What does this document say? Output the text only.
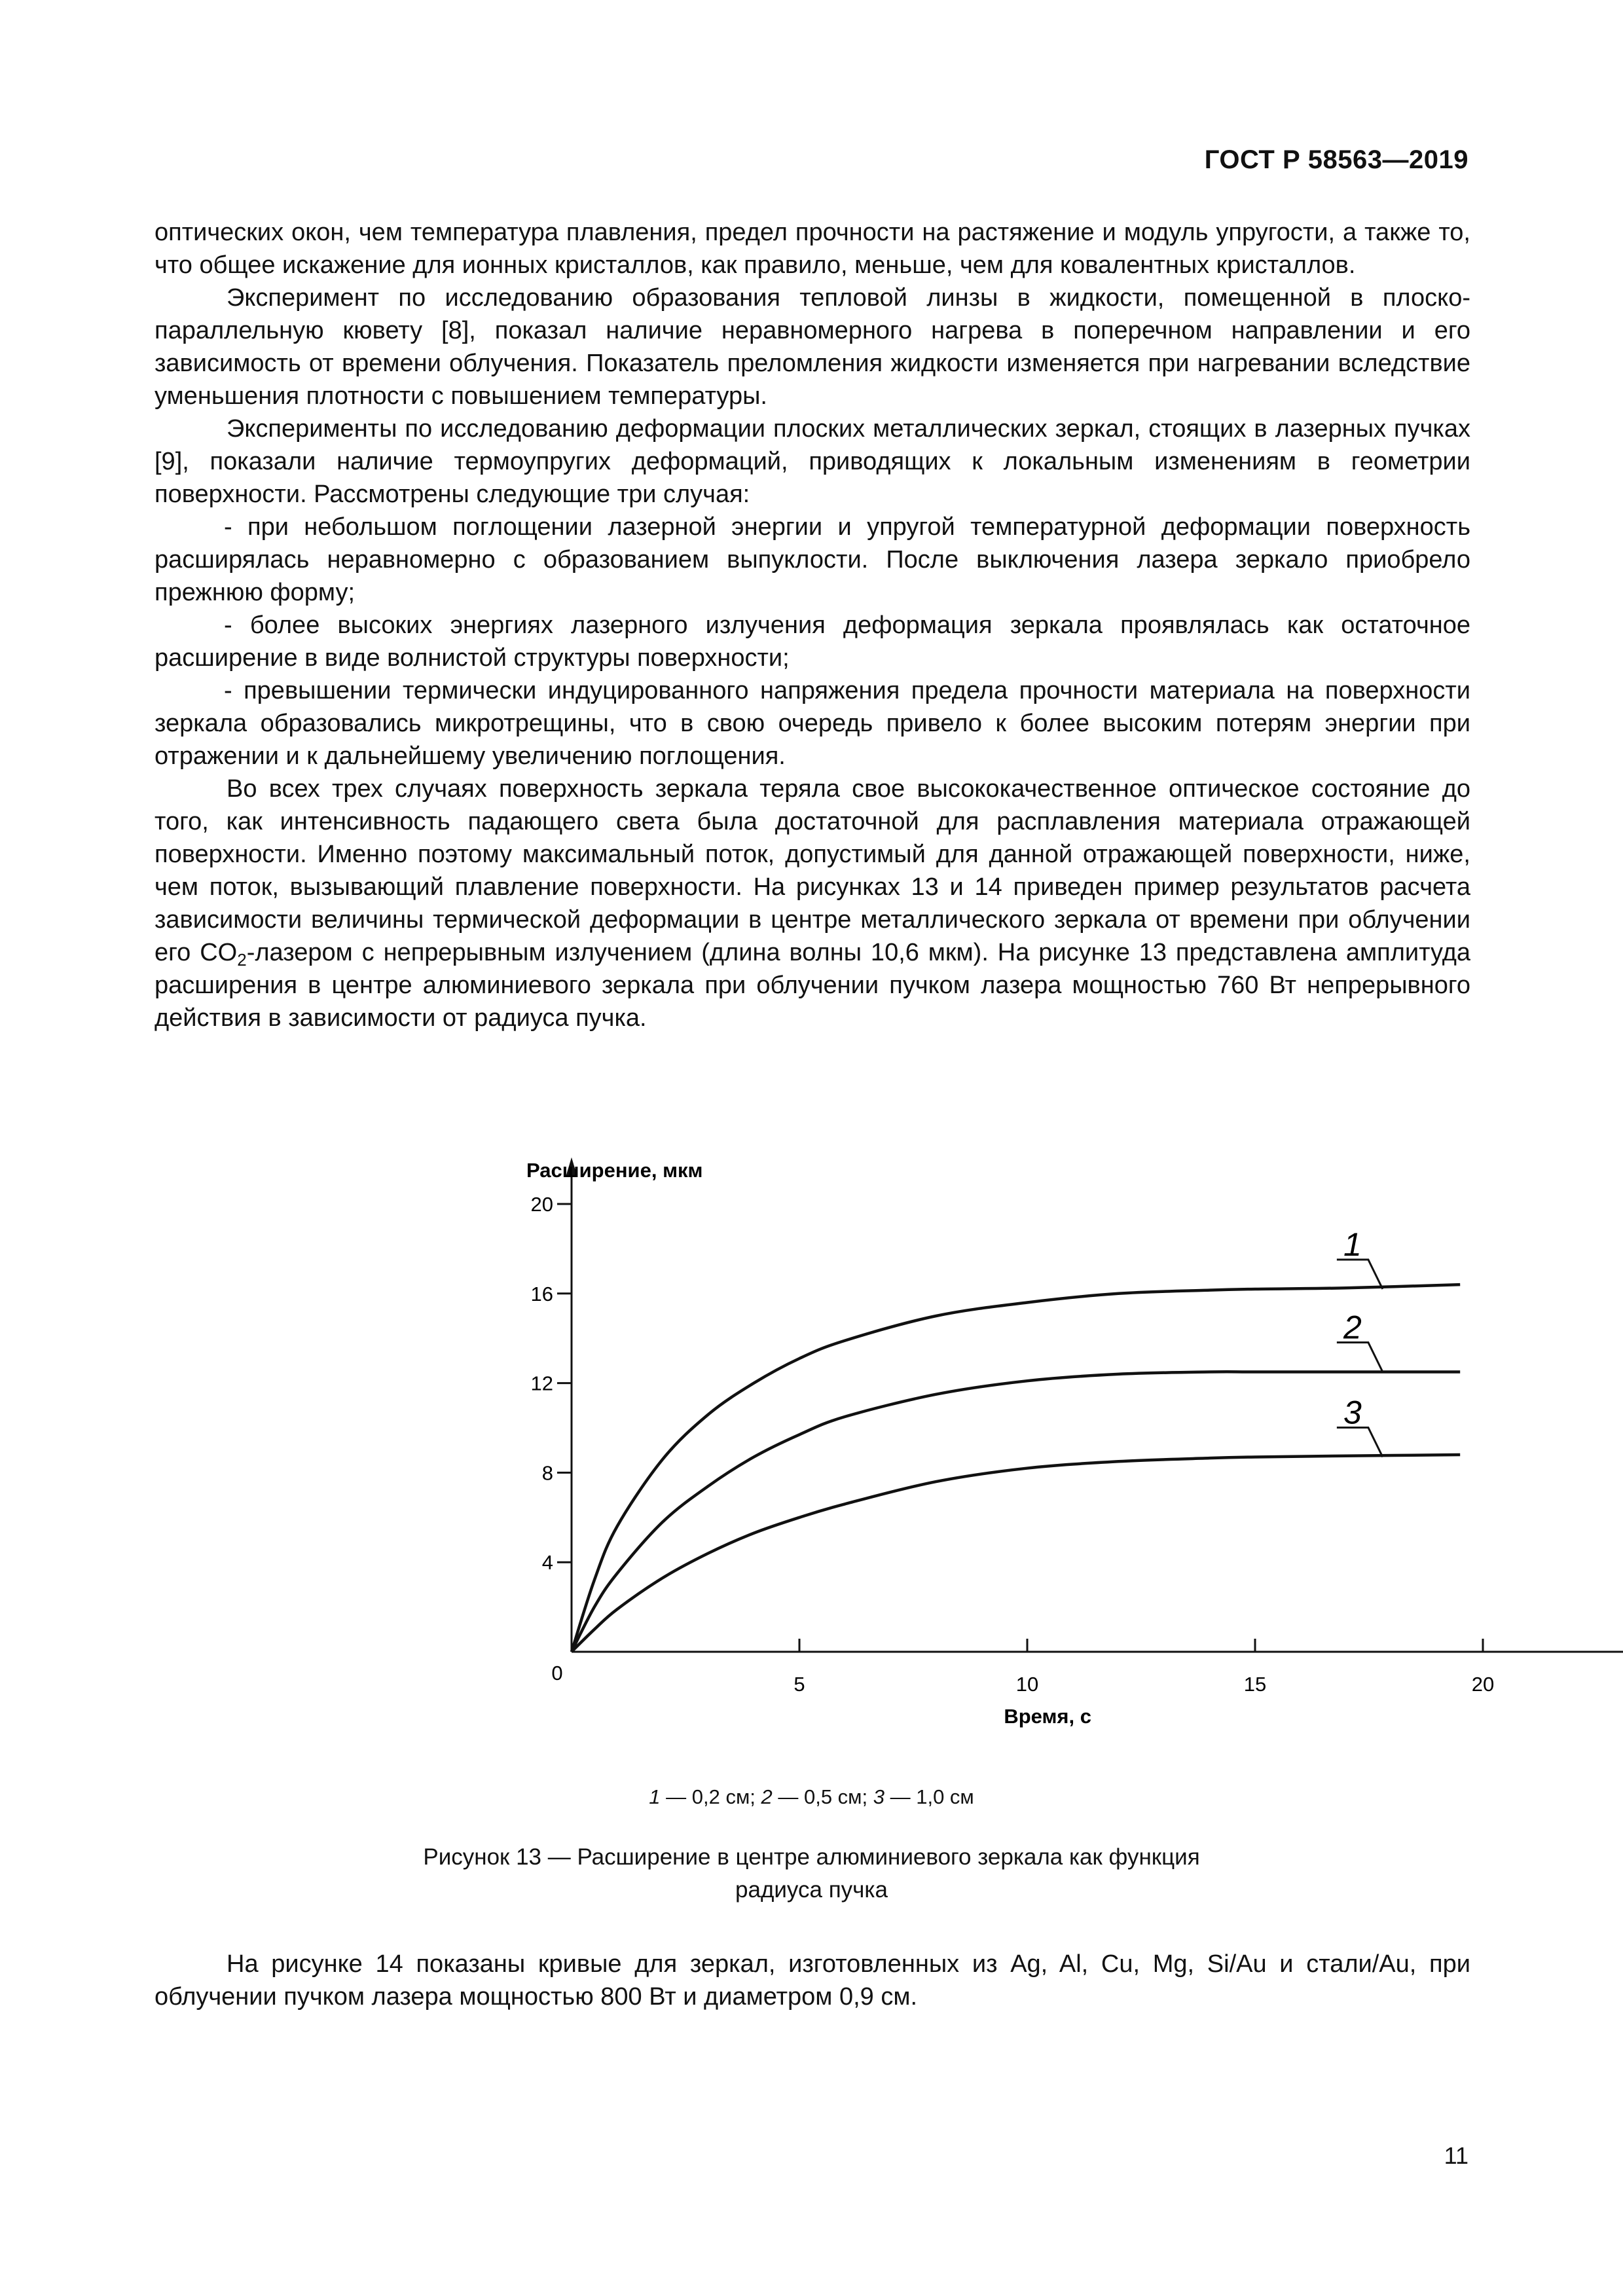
ГОСТ Р 58563—2019

оптических окон, чем температура плавления, предел прочности на растяжение и модуль упругости, а также то, что общее искажение для ионных кристаллов, как правило, меньше, чем для ковалентных кристаллов.

Эксперимент по исследованию образования тепловой линзы в жидкости, помещенной в плоско-параллельную кювету [8], показал наличие неравномерного нагрева в поперечном направлении и его зависимость от времени облучения. Показатель преломления жидкости изменяется при нагревании вследствие уменьшения плотности с повышением температуры.

Эксперименты по исследованию деформации плоских металлических зеркал, стоящих в лазерных пучках [9], показали наличие термоупругих деформаций, приводящих к локальным изменениям в геометрии поверхности. Рассмотрены следующие три случая:

- при небольшом поглощении лазерной энергии и упругой температурной деформации поверхность расширялась неравномерно с образованием выпуклости. После выключения лазера зеркало приобрело прежнюю форму;

- более высоких энергиях лазерного излучения деформация зеркала проявлялась как остаточное расширение в виде волнистой структуры поверхности;

- превышении термически индуцированного напряжения предела прочности материала на поверхности зеркала образовались микротрещины, что в свою очередь привело к более высоким потерям энергии при отражении и к дальнейшему увеличению поглощения.

Во всех трех случаях поверхность зеркала теряла свое высококачественное оптическое состояние до того, как интенсивность падающего света была достаточной для расплавления материала отражающей поверхности. Именно поэтому максимальный поток, допустимый для данной отражающей поверхности, ниже, чем поток, вызывающий плавление поверхности. На рисунках 13 и 14 приведен пример результатов расчета зависимости величины термической деформации в центре металлического зеркала от времени при облучении его $CO_2$-лазером с непрерывным излучением (длина волны 10,6 мкм). На рисунке 13 представлена амплитуда расширения в центре алюминиевого зеркала при облучении пучком лазера мощностью 760 Вт непрерывного действия в зависимости от радиуса пучка.

4
8
12
16
20
0	5	10	15	20
Расширение, мкм
Время, с
1
2
3
1 — 0,2 см; 2 — 0,5 см; 3 — 1,0 см
Рисунок 13 — Расширение в центре алюминиевого зеркала как функция
радиуса пучка

На рисунке 14 показаны кривые для зеркал, изготовленных из Ag, Al, Cu, Mg, Si/Au и стали/Au, при облучении пучком лазера мощностью 800 Вт и диаметром 0,9 см.

11
